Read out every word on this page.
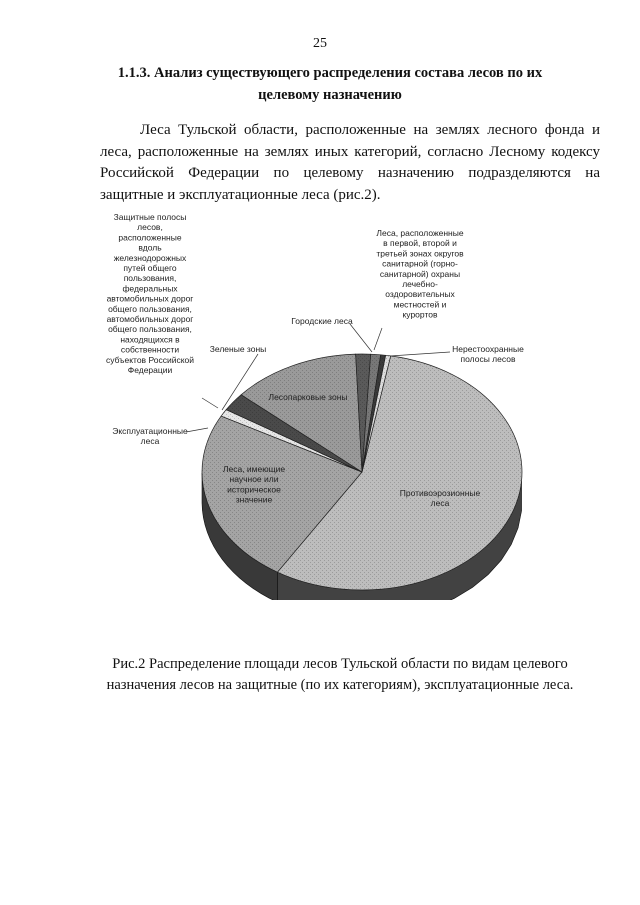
25
1.1.3. Анализ существующего распределения состава лесов по их целевому назначению
Леса Тульской области, расположенные на землях лесного фонда и леса, расположенные на землях иных категорий, согласно Лесному кодексу Российской Федерации по целевому назначению подразделяются на защитные и эксплуатационные леса (рис.2).
Защитные полосы лесов, расположенные вдоль железнодорожных путей общего пользования, федеральных автомобильных дорог общего пользования, автомобильных дорог общего пользования, находящихся в собственности субъектов Российской Федерации
Леса, расположенные в первой, второй и третьей зонах округов санитарной (горно-санитарной) охраны лечебно-оздоровительных местностей и курортов
Городские леса
Нерестоохранные полосы лесов
Зеленые зоны
Эксплуатационные леса
Лесопарковые зоны
Леса, имеющие научное или историческое значение
Противоэрозионные леса
Рис.2 Распределение площади лесов Тульской области по видам целевого назначения лесов на защитные (по их категориям), эксплуатационные леса.
